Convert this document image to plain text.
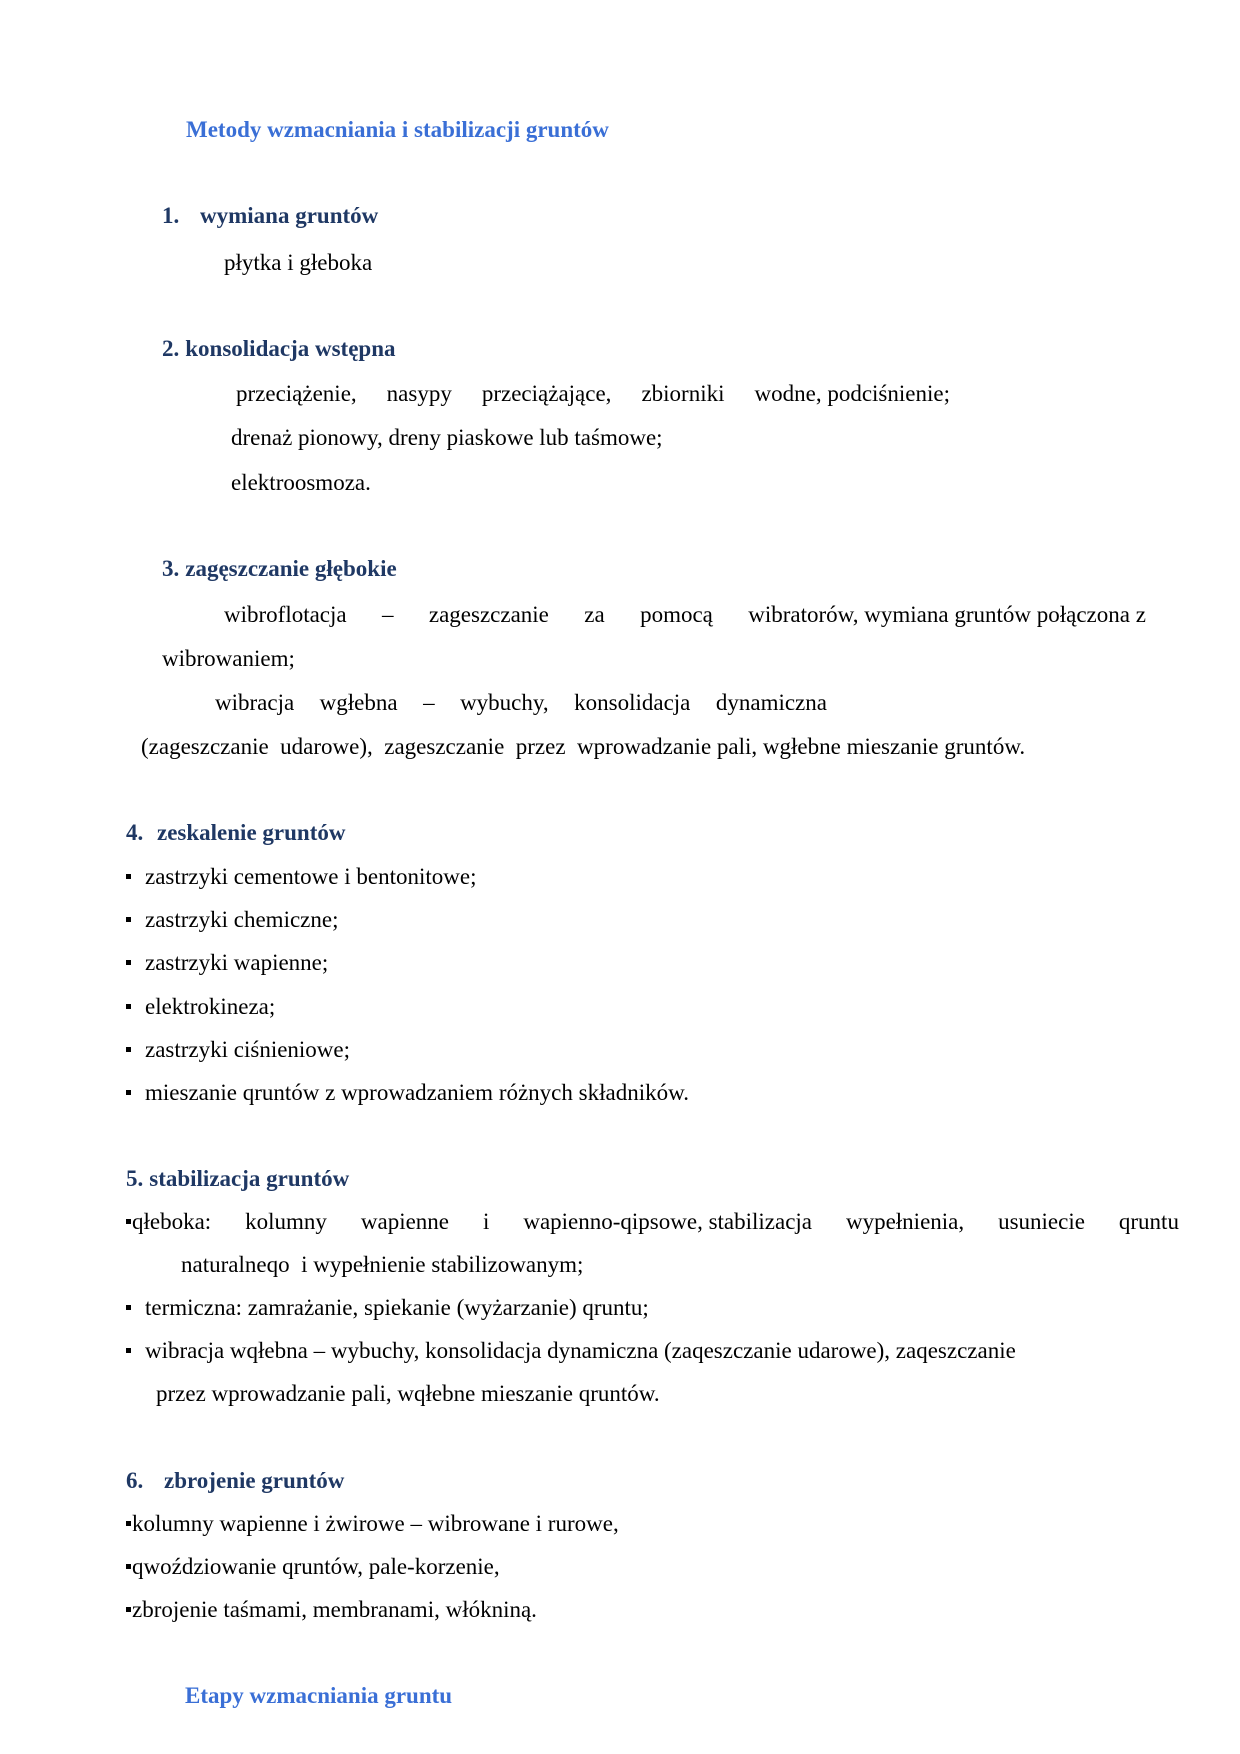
Metody wzmacniania i stabilizacji gruntów
1. wymiana gruntów
płytka i głeboka
2. konsolidacja wstępna
przeciążenie, nasypy przeciążające, zbiorniki wodne, podciśnienie;
drenaż pionowy, dreny piaskowe lub taśmowe;
elektroosmoza.
3. zagęszczanie głębokie
wibroflotacja – zageszczanie za pomocą wibratorów, wymiana gruntów połączona z
wibrowaniem;
wibracja wgłebna – wybuchy, konsolidacja dynamiczna
(zageszczanie  udarowe),  zageszczanie  przez  wprowadzanie pali, wgłebne mieszanie gruntów.
4. zeskalenie gruntów
zastrzyki cementowe i bentonitowe;
zastrzyki chemiczne;
zastrzyki wapienne;
elektrokineza;
zastrzyki ciśnieniowe;
mieszanie qruntów z wprowadzaniem różnych składników.
5. stabilizacja gruntów
qłeboka: kolumny wapienne i wapienno-qipsowe, stabilizacja wypełnienia, usuniecie qruntu
naturalneqo  i wypełnienie stabilizowanym;
termiczna: zamrażanie, spiekanie (wyżarzanie) qruntu;
wibracja wqłebna – wybuchy, konsolidacja dynamiczna (zaqeszczanie udarowe), zaqeszczanie
przez wprowadzanie pali, wqłebne mieszanie qruntów.
6. zbrojenie gruntów
kolumny wapienne i żwirowe – wibrowane i rurowe,
qwoździowanie qruntów, pale-korzenie,
zbrojenie taśmami, membranami, włókniną.
Etapy wzmacniania gruntu
